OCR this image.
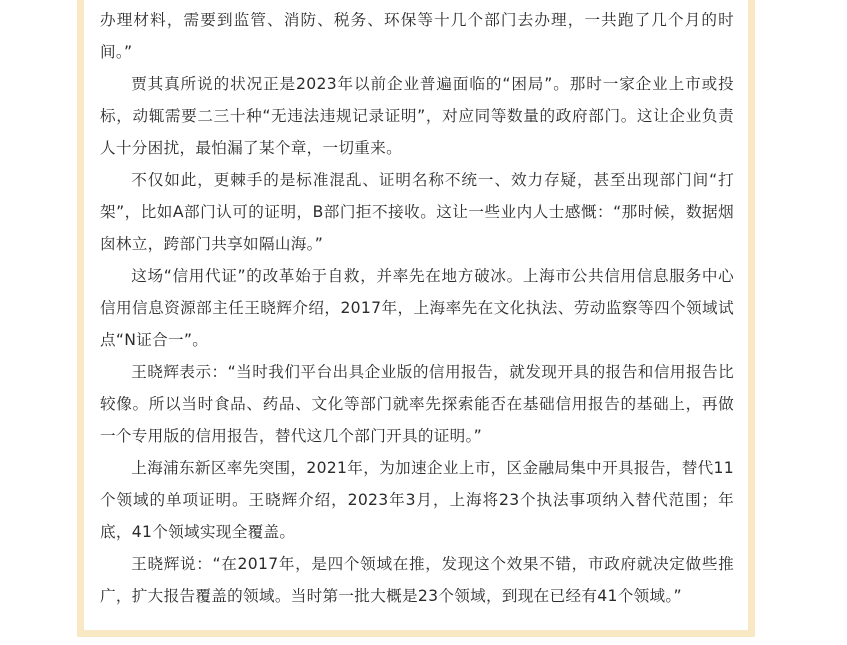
办理材料，需要到监管、消防、税务、环保等十几个部门去办理，一共跑了几个月的时间。”

贾其真所说的状况正是2023年以前企业普遍面临的“困局”。那时一家企业上市或投标，动辄需要二三十种“无违法违规记录证明”，对应同等数量的政府部门。这让企业负责人十分困扰，最怕漏了某个章，一切重来。

不仅如此，更棘手的是标准混乱、证明名称不统一、效力存疑，甚至出现部门间“打架”，比如A部门认可的证明，B部门拒不接收。这让一些业内人士感慨：“那时候，数据烟囱林立，跨部门共享如隔山海。”

这场“信用代证”的改革始于自救，并率先在地方破冰。上海市公共信用信息服务中心信用信息资源部主任王晓辉介绍，2017年，上海率先在文化执法、劳动监察等四个领域试点“N证合一”。

王晓辉表示：“当时我们平台出具企业版的信用报告，就发现开具的报告和信用报告比较像。所以当时食品、药品、文化等部门就率先探索能否在基础信用报告的基础上，再做一个专用版的信用报告，替代这几个部门开具的证明。”

上海浦东新区率先突围，2021年，为加速企业上市，区金融局集中开具报告，替代11个领域的单项证明。王晓辉介绍，2023年3月，上海将23个执法事项纳入替代范围；年底，41个领域实现全覆盖。

王晓辉说：“在2017年，是四个领域在推，发现这个效果不错，市政府就决定做些推广，扩大报告覆盖的领域。当时第一批大概是23个领域，到现在已经有41个领域。”
